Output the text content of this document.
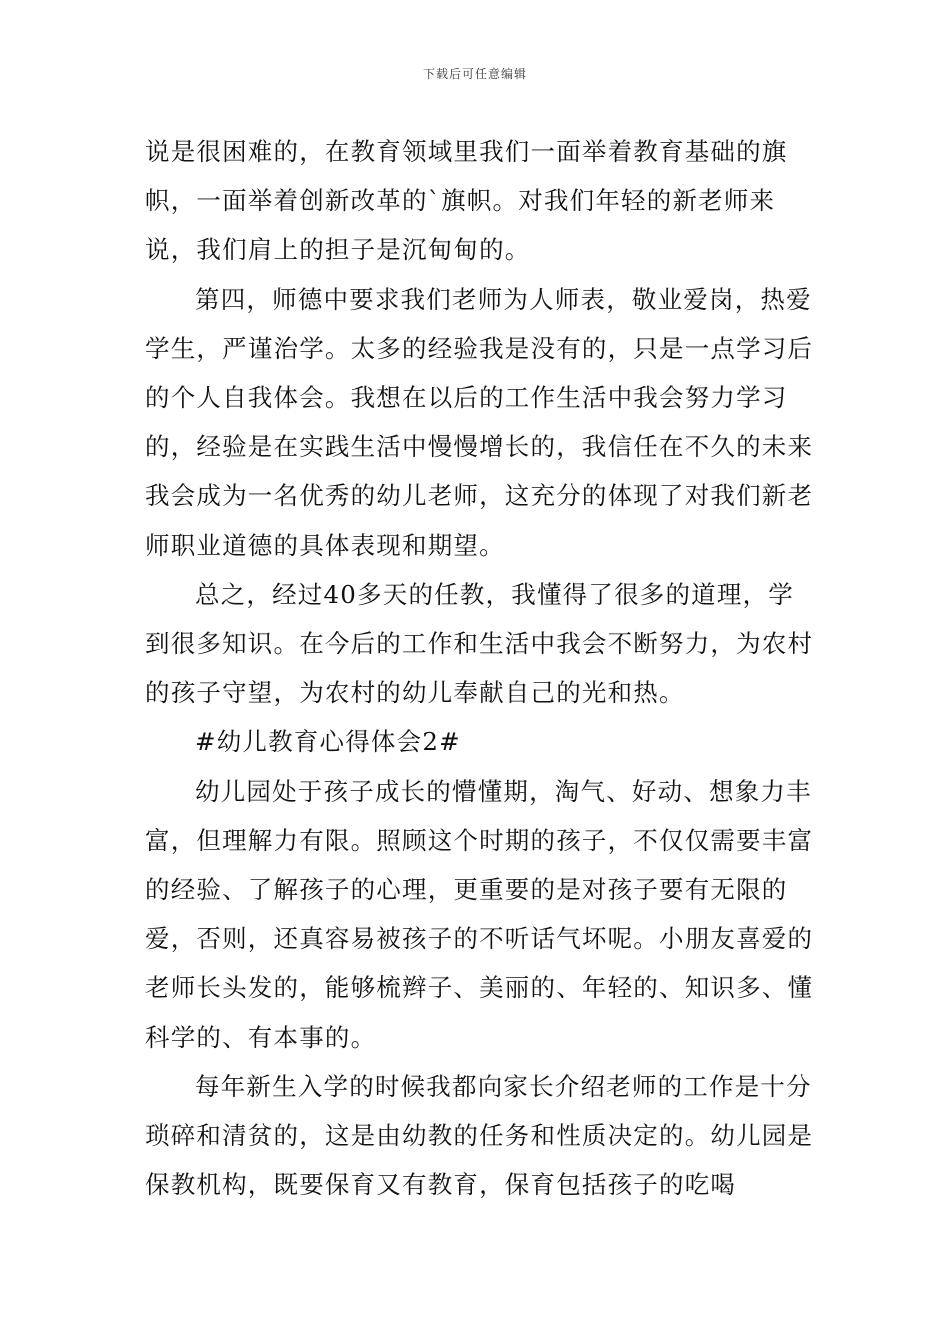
下载后可任意编辑

说是很困难的，在教育领域里我们一面举着教育基础的旗帜，一面举着创新改革的`旗帜。对我们年轻的新老师来说，我们肩上的担子是沉甸甸的。

第四，师德中要求我们老师为人师表，敬业爱岗，热爱学生，严谨治学。太多的经验我是没有的，只是一点学习后的个人自我体会。我想在以后的工作生活中我会努力学习的，经验是在实践生活中慢慢增长的，我信任在不久的未来我会成为一名优秀的幼儿老师，这充分的体现了对我们新老师职业道德的具体表现和期望。

总之，经过40多天的任教，我懂得了很多的道理，学到很多知识。在今后的工作和生活中我会不断努力，为农村的孩子守望，为农村的幼儿奉献自己的光和热。

#幼儿教育心得体会2#

幼儿园处于孩子成长的懵懂期，淘气、好动、想象力丰富，但理解力有限。照顾这个时期的孩子，不仅仅需要丰富的经验、了解孩子的心理，更重要的是对孩子要有无限的爱，否则，还真容易被孩子的不听话气坏呢。小朋友喜爱的老师长头发的，能够梳辫子、美丽的、年轻的、知识多、懂科学的、有本事的。

每年新生入学的时候我都向家长介绍老师的工作是十分琐碎和清贫的，这是由幼教的任务和性质决定的。幼儿园是保教机构，既要保育又有教育，保育包括孩子的吃喝
